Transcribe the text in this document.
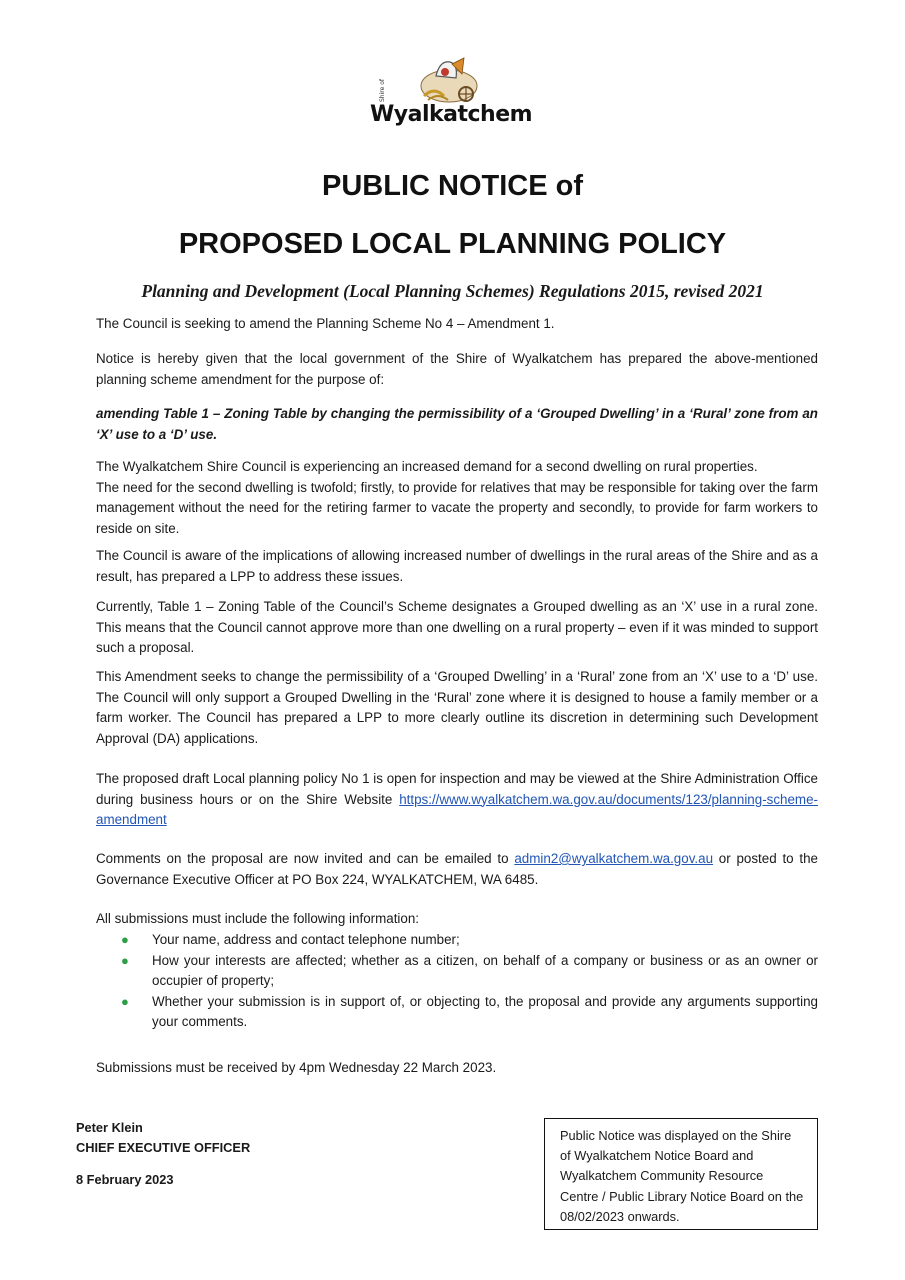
Shire of
Wyalkatchem
PUBLIC NOTICE of
PROPOSED LOCAL PLANNING POLICY
Planning and Development (Local Planning Schemes) Regulations 2015, revised 2021

The Council is seeking to amend the Planning Scheme No 4 – Amendment 1.

Notice is hereby given that the local government of the Shire of Wyalkatchem has prepared the above-mentioned planning scheme amendment for the purpose of:

amending Table 1 – Zoning Table by changing the permissibility of a ‘Grouped Dwelling’ in a ‘Rural’ zone from an ‘X’ use to a ‘D’ use.

The Wyalkatchem Shire Council is experiencing an increased demand for a second dwelling on rural properties.

The need for the second dwelling is twofold; firstly, to provide for relatives that may be responsible for taking over the farm management without the need for the retiring farmer to vacate the property and secondly, to provide for farm workers to reside on site.

The Council is aware of the implications of allowing increased number of dwellings in the rural areas of the Shire and as a result, has prepared a LPP to address these issues.

Currently, Table 1 – Zoning Table of the Council’s Scheme designates a Grouped dwelling as an ‘X’ use in a rural zone. This means that the Council cannot approve more than one dwelling on a rural property – even if it was minded to support such a proposal.

This Amendment seeks to change the permissibility of a ‘Grouped Dwelling’ in a ‘Rural’ zone from an ‘X’ use to a ‘D’ use. The Council will only support a Grouped Dwelling in the ‘Rural’ zone where it is designed to house a family member or a farm worker. The Council has prepared a LPP to more clearly outline its discretion in determining such Development Approval (DA) applications.

The proposed draft Local planning policy No 1 is open for inspection and may be viewed at the Shire Administration Office during business hours or on the Shire Website https://www.wyalkatchem.wa.gov.au/documents/123/planning-scheme-amendment

Comments on the proposal are now invited and can be emailed to admin2@wyalkatchem.wa.gov.au or posted to the Governance Executive Officer at PO Box 224, WYALKATCHEM, WA 6485.

All submissions must include the following information:

● Your name, address and contact telephone number;
● How your interests are affected; whether as a citizen, on behalf of a company or business or as an owner or occupier of property;
● Whether your submission is in support of, or objecting to, the proposal and provide any arguments supporting your comments.

Submissions must be received by 4pm Wednesday 22 March 2023.

Peter Klein
CHIEF EXECUTIVE OFFICER
8 February 2023
Public Notice was displayed on the Shire of Wyalkatchem Notice Board and Wyalkatchem Community Resource Centre / Public Library Notice Board on the 08/02/2023 onwards.
